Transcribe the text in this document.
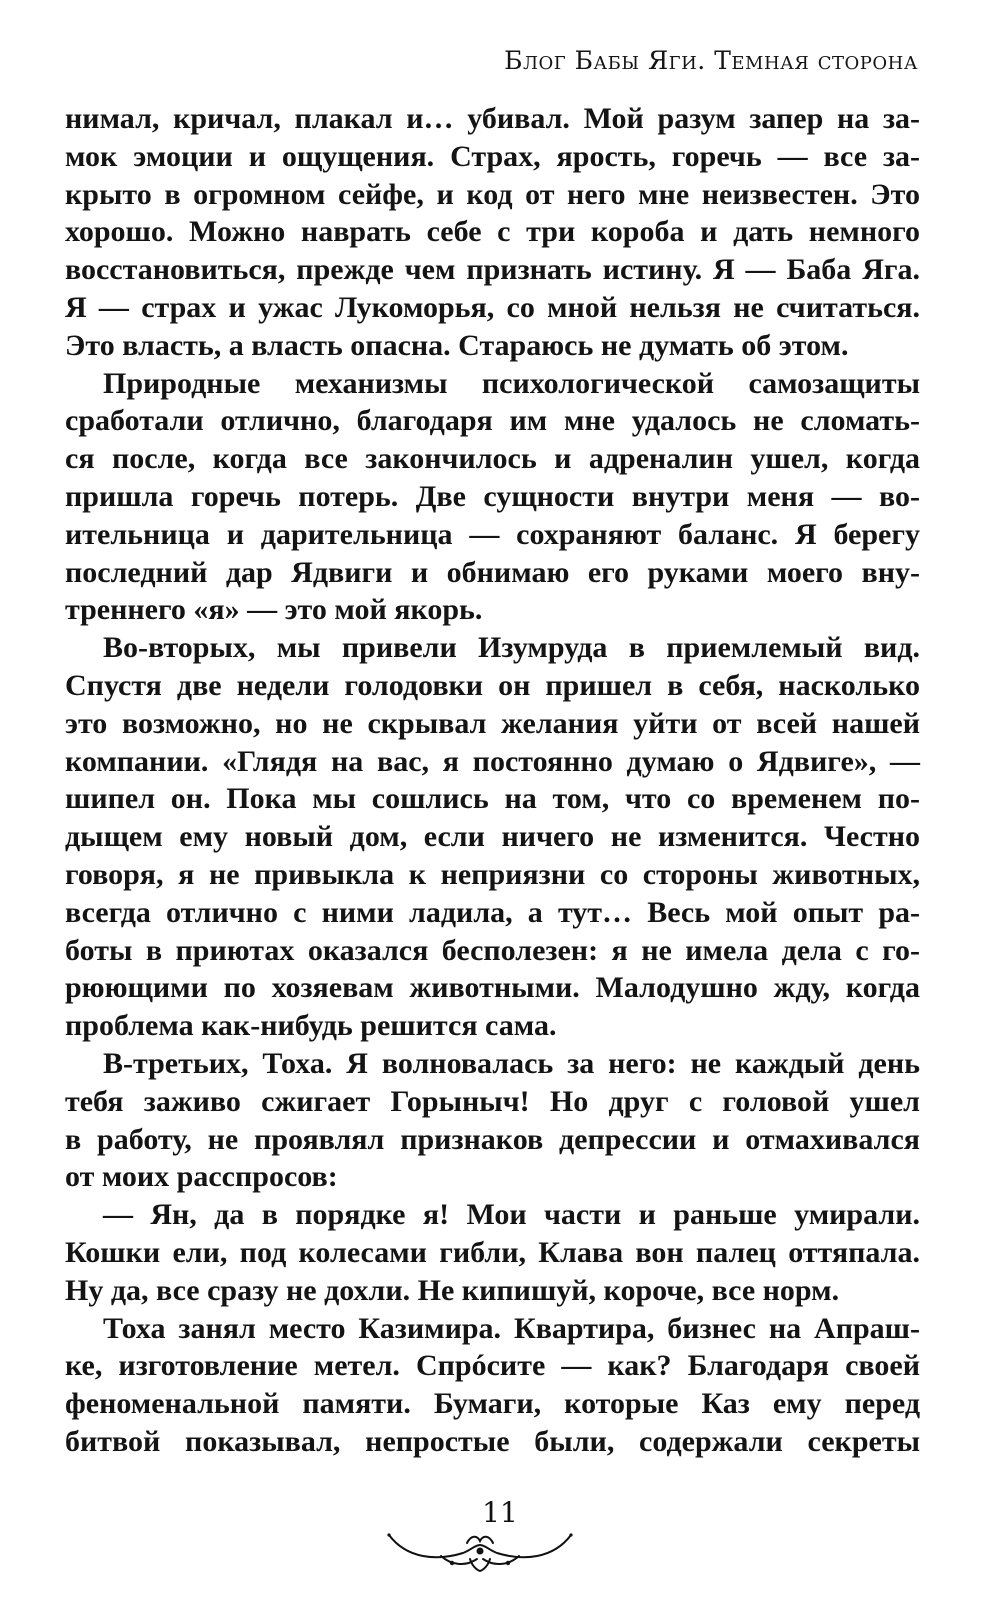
Блог Бабы Яги. Темная сторона
нимал, кричал, плакал и… убивал. Мой разум запер на за-
мок эмоции и ощущения. Страх, ярость, горечь — все за-
крыто в огромном сейфе, и код от него мне неизвестен. Это
хорошо. Можно наврать себе с три короба и дать немного
восстановиться, прежде чем признать истину. Я — Баба Яга.
Я — страх и ужас Лукоморья, со мной нельзя не считаться.
Это власть, а власть опасна. Стараюсь не думать об этом.
Природные механизмы психологической самозащиты
сработали отлично, благодаря им мне удалось не сломать-
ся после, когда все закончилось и адреналин ушел, когда
пришла горечь потерь. Две сущности внутри меня — во-
ительница и дарительница — сохраняют баланс. Я берегу
последний дар Ядвиги и обнимаю его руками моего вну-
треннего «я» — это мой якорь.
Во-вторых, мы привели Изумруда в приемлемый вид.
Спустя две недели голодовки он пришел в себя, насколько
это возможно, но не скрывал желания уйти от всей нашей
компании. «Глядя на вас, я постоянно думаю о Ядвиге», —
шипел он. Пока мы сошлись на том, что со временем по-
дыщем ему новый дом, если ничего не изменится. Честно
говоря, я не привыкла к неприязни со стороны животных,
всегда отлично с ними ладила, а тут… Весь мой опыт ра-
боты в приютах оказался бесполезен: я не имела дела с го-
рюющими по хозяевам животными. Малодушно жду, когда
проблема как-нибудь решится сама.
В-третьих, Тоха. Я волновалась за него: не каждый день
тебя заживо сжигает Горыныч! Но друг с головой ушел
в работу, не проявлял признаков депрессии и отмахивался
от моих расспросов:
— Ян, да в порядке я! Мои части и раньше умирали.
Кошки ели, под колесами гибли, Клава вон палец оттяпала.
Ну да, все сразу не дохли. Не кипишуй, короче, все норм.
Тоха занял место Казимира. Квартира, бизнес на Апраш-
ке, изготовление метел. Спрóсите — как? Благодаря своей
феноменальной памяти. Бумаги, которые Каз ему перед
битвой показывал, непростые были, содержали секреты
11
